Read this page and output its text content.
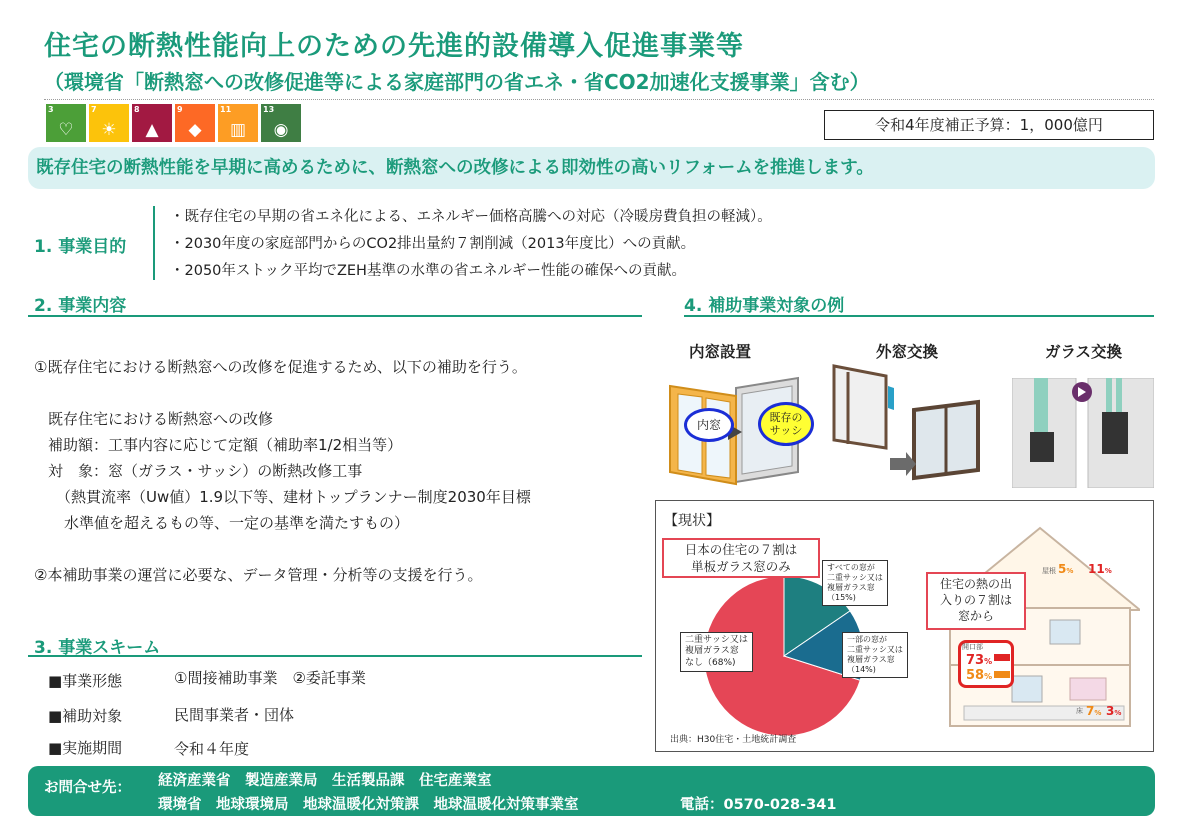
住宅の断熱性能向上のための先進的設備導入促進事業等
（環境省「断熱窓への改修促進等による家庭部門の省エネ・省CO2加速化支援事業」含む）
3
♡
7
☀
8
▲
9
◆
11
▥
13
◉	令和4年度補正予算：1，000億円
既存住宅の断熱性能を早期に高めるために、断熱窓への改修による即効性の高いリフォームを推進します。
1. 事業目的
・既存住宅の早期の省エネ化による、エネルギー価格高騰への対応（冷暖房費負担の軽減）。
・2030年度の家庭部門からのCO2排出量約７割削減（2013年度比）への貢献。
・2050年ストック平均でZEH基準の水準の省エネルギー性能の確保への貢献。
2. 事業内容
①既存住宅における断熱窓への改修を促進するため、以下の補助を行う。
既存住宅における断熱窓への改修
補助額：工事内容に応じて定額（補助率1/2相当等）
対　象：窓（ガラス・サッシ）の断熱改修工事
（熱貫流率（Uw値）1.9以下等、建材トップランナー制度2030年目標
水準値を超えるもの等、一定の基準を満たすもの）
②本補助事業の運営に必要な、データ管理・分析等の支援を行う。
3. 事業スキーム
■事業形態	①間接補助事業　②委託事業
■補助対象	民間事業者・団体
■実施期間	令和４年度
4. 補助事業対象の例
内窓設置	外窓交換	ガラス交換
内窓
既存の
サッシ
【現状】
日本の住宅の７割は
単板ガラス窓のみ	すべての窓が
二重サッシ又は
複層ガラス窓
（15%)
一部の窓が
二重サッシ又は
複層ガラス窓
（14%)
二重サッシ又は
複層ガラス窓
なし（68%)
出典：H30住宅・土地統計調査
住宅の熱の出
入りの７割は
窓から
開口部
73%
58%
屋根 5% 11%
床 7% 3%
お問合せ先： 経済産業省　製造産業局　生活製品課　住宅産業室
環境省　地球環境局　地球温暖化対策課　地球温暖化対策事業室	電話：0570-028-341
